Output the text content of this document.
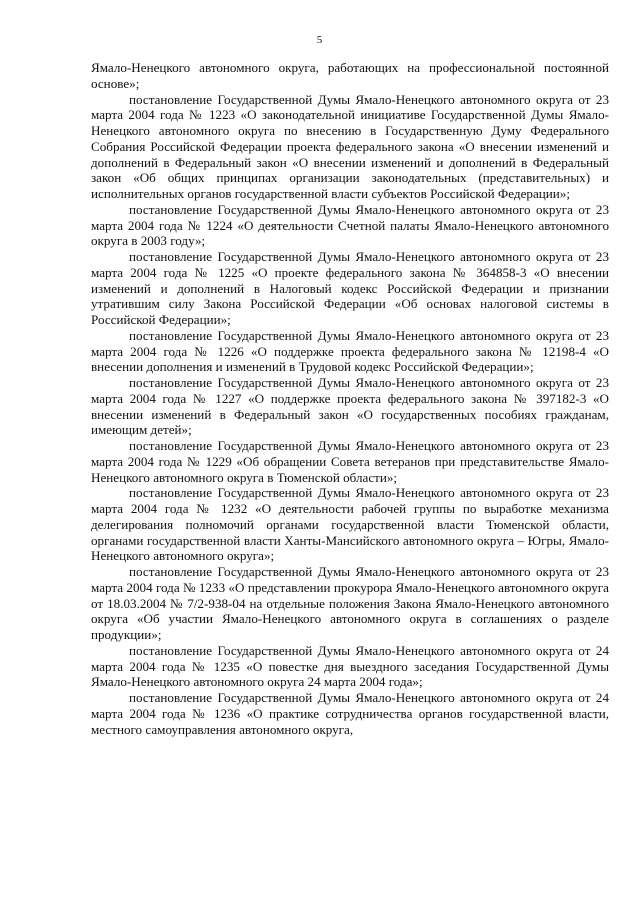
5

Ямало-Ненецкого автономного округа, работающих на профессиональной постоянной основе»;

постановление Государственной Думы Ямало-Ненецкого автономного округа от 23 марта 2004 года № 1223 «О законодательной инициативе Государственной Думы Ямало-Ненецкого автономного округа по внесению в Государственную Думу Федерального Собрания Российской Федерации проекта федерального закона «О внесении изменений и дополнений в Федеральный закон «О внесении изменений и дополнений в Федеральный закон «Об общих принципах организации законодательных (представительных) и исполнительных органов государственной власти субъектов Российской Федерации»;

постановление Государственной Думы Ямало-Ненецкого автономного округа от 23 марта 2004 года № 1224 «О деятельности Счетной палаты Ямало-Ненецкого автономного округа в 2003 году»;

постановление Государственной Думы Ямало-Ненецкого автономного округа от 23 марта 2004 года № 1225 «О проекте федерального закона № 364858-3 «О внесении изменений и дополнений в Налоговый кодекс Российской Федерации и признании утратившим силу Закона Российской Федерации «Об основах налоговой системы в Российской Федерации»;

постановление Государственной Думы Ямало-Ненецкого автономного округа от 23 марта 2004 года № 1226 «О поддержке проекта федерального закона № 12198-4 «О внесении дополнения и изменений в Трудовой кодекс Российской Федерации»;

постановление Государственной Думы Ямало-Ненецкого автономного округа от 23 марта 2004 года № 1227 «О поддержке проекта федерального закона № 397182-3 «О внесении изменений в Федеральный закон «О государственных пособиях гражданам, имеющим детей»;

постановление Государственной Думы Ямало-Ненецкого автономного округа от 23 марта 2004 года № 1229 «Об обращении Совета ветеранов при представительстве Ямало-Ненецкого автономного округа в Тюменской области»;

постановление Государственной Думы Ямало-Ненецкого автономного округа от 23 марта 2004 года № 1232 «О деятельности рабочей группы по выработке механизма делегирования полномочий органами государственной власти Тюменской области, органами государственной власти Ханты-Мансийского автономного округа – Югры, Ямало-Ненецкого автономного округа»;

постановление Государственной Думы Ямало-Ненецкого автономного округа от 23 марта 2004 года № 1233 «О представлении прокурора Ямало-Ненецкого автономного округа от 18.03.2004 № 7/2-938-04 на отдельные положения Закона Ямало-Ненецкого автономного округа «Об участии Ямало-Ненецкого автономного округа в соглашениях о разделе продукции»;

постановление Государственной Думы Ямало-Ненецкого автономного округа от 24 марта 2004 года № 1235 «О повестке дня выездного заседания Государственной Думы Ямало-Ненецкого автономного округа 24 марта 2004 года»;

постановление Государственной Думы Ямало-Ненецкого автономного округа от 24 марта 2004 года № 1236 «О практике сотрудничества органов государственной власти, местного самоуправления автономного округа,
